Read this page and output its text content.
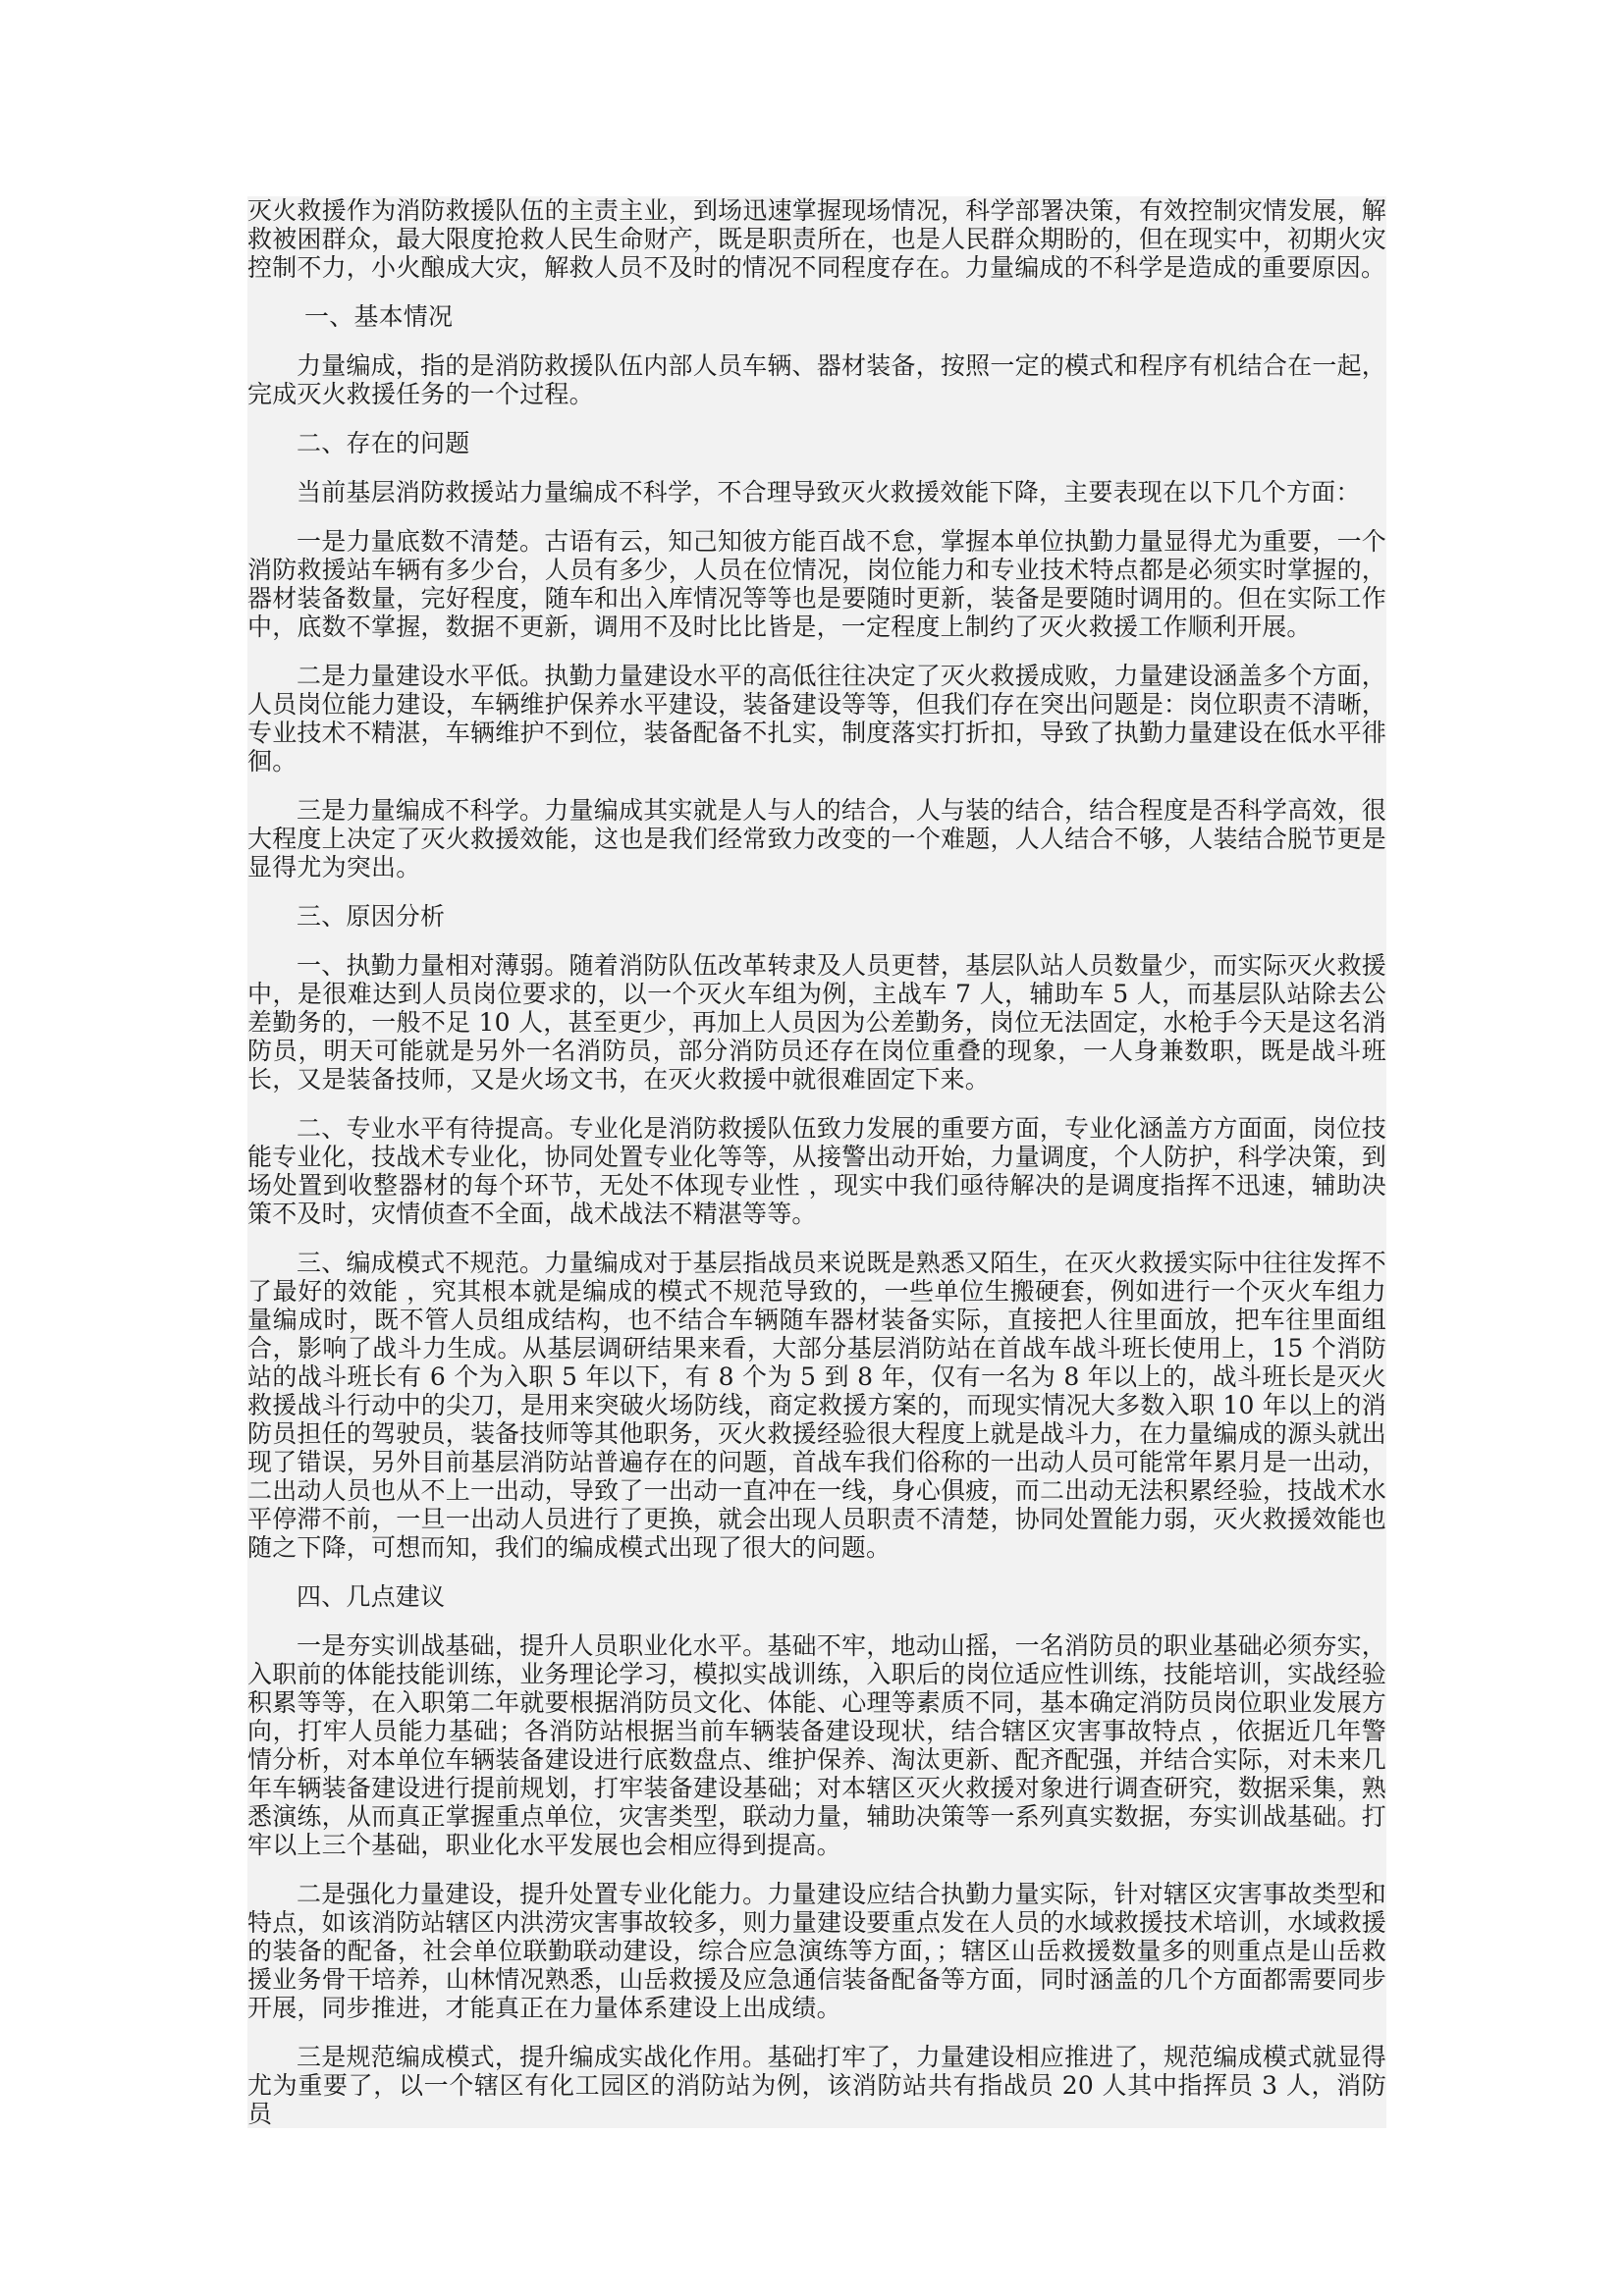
灭火救援作为消防救援队伍的主责主业，到场迅速掌握现场情况，科学部署决策，有效控制灾情发展，解救被困群众，最大限度抢救人民生命财产，既是职责所在，也是人民群众期盼的，但在现实中，初期火灾控制不力，小火酿成大灾，解救人员不及时的情况不同程度存在。力量编成的不科学是造成的重要原因。

一、基本情况

力量编成，指的是消防救援队伍内部人员车辆、器材装备，按照一定的模式和程序有机结合在一起，完成灭火救援任务的一个过程。

二、存在的问题

当前基层消防救援站力量编成不科学，不合理导致灭火救援效能下降，主要表现在以下几个方面：

一是力量底数不清楚。古语有云，知己知彼方能百战不怠，掌握本单位执勤力量显得尤为重要，一个消防救援站车辆有多少台，人员有多少，人员在位情况，岗位能力和专业技术特点都是必须实时掌握的，器材装备数量，完好程度，随车和出入库情况等等也是要随时更新，装备是要随时调用的。但在实际工作中，底数不掌握，数据不更新，调用不及时比比皆是，一定程度上制约了灭火救援工作顺利开展。

二是力量建设水平低。执勤力量建设水平的高低往往决定了灭火救援成败，力量建设涵盖多个方面，人员岗位能力建设，车辆维护保养水平建设，装备建设等等，但我们存在突出问题是：岗位职责不清晰，专业技术不精湛，车辆维护不到位，装备配备不扎实，制度落实打折扣，导致了执勤力量建设在低水平徘徊。

三是力量编成不科学。力量编成其实就是人与人的结合，人与装的结合，结合程度是否科学高效，很大程度上决定了灭火救援效能，这也是我们经常致力改变的一个难题，人人结合不够，人装结合脱节更是显得尤为突出。

三、原因分析

一、执勤力量相对薄弱。随着消防队伍改革转隶及人员更替，基层队站人员数量少，而实际灭火救援中，是很难达到人员岗位要求的，以一个灭火车组为例，主战车 7 人，辅助车 5 人，而基层队站除去公差勤务的，一般不足 10 人，甚至更少，再加上人员因为公差勤务，岗位无法固定，水枪手今天是这名消防员，明天可能就是另外一名消防员，部分消防员还存在岗位重叠的现象，一人身兼数职，既是战斗班长，又是装备技师，又是火场文书，在灭火救援中就很难固定下来。

二、专业水平有待提高。专业化是消防救援队伍致力发展的重要方面，专业化涵盖方方面面，岗位技能专业化，技战术专业化，协同处置专业化等等，从接警出动开始，力量调度，个人防护，科学决策，到场处置到收整器材的每个环节，无处不体现专业性 ，现实中我们亟待解决的是调度指挥不迅速，辅助决策不及时，灾情侦查不全面，战术战法不精湛等等。

三、编成模式不规范。力量编成对于基层指战员来说既是熟悉又陌生，在灭火救援实际中往往发挥不了最好的效能 ，究其根本就是编成的模式不规范导致的，一些单位生搬硬套，例如进行一个灭火车组力量编成时，既不管人员组成结构，也不结合车辆随车器材装备实际，直接把人往里面放，把车往里面组合，影响了战斗力生成。从基层调研结果来看，大部分基层消防站在首战车战斗班长使用上，15 个消防站的战斗班长有 6 个为入职 5 年以下，有 8 个为 5 到 8 年，仅有一名为 8 年以上的，战斗班长是灭火救援战斗行动中的尖刀，是用来突破火场防线，商定救援方案的，而现实情况大多数入职 10 年以上的消防员担任的驾驶员，装备技师等其他职务，灭火救援经验很大程度上就是战斗力，在力量编成的源头就出现了错误，另外目前基层消防站普遍存在的问题，首战车我们俗称的一出动人员可能常年累月是一出动，二出动人员也从不上一出动，导致了一出动一直冲在一线，身心俱疲，而二出动无法积累经验，技战术水平停滞不前，一旦一出动人员进行了更换，就会出现人员职责不清楚，协同处置能力弱，灭火救援效能也随之下降，可想而知，我们的编成模式出现了很大的问题。

四、几点建议

一是夯实训战基础，提升人员职业化水平。基础不牢，地动山摇，一名消防员的职业基础必须夯实，入职前的体能技能训练，业务理论学习，模拟实战训练，入职后的岗位适应性训练，技能培训，实战经验积累等等，在入职第二年就要根据消防员文化、体能、心理等素质不同，基本确定消防员岗位职业发展方向，打牢人员能力基础；各消防站根据当前车辆装备建设现状，结合辖区灾害事故特点 ，依据近几年警情分析，对本单位车辆装备建设进行底数盘点、维护保养、淘汰更新、配齐配强，并结合实际，对未来几年车辆装备建设进行提前规划，打牢装备建设基础；对本辖区灭火救援对象进行调查研究，数据采集，熟悉演练，从而真正掌握重点单位，灾害类型，联动力量，辅助决策等一系列真实数据，夯实训战基础。打牢以上三个基础，职业化水平发展也会相应得到提高。

二是强化力量建设，提升处置专业化能力。力量建设应结合执勤力量实际，针对辖区灾害事故类型和特点，如该消防站辖区内洪涝灾害事故较多，则力量建设要重点发在人员的水域救援技术培训，水域救援的装备的配备，社会单位联勤联动建设，综合应急演练等方面，；辖区山岳救援数量多的则重点是山岳救援业务骨干培养，山林情况熟悉，山岳救援及应急通信装备配备等方面，同时涵盖的几个方面都需要同步开展，同步推进，才能真正在力量体系建设上出成绩。

三是规范编成模式，提升编成实战化作用。基础打牢了，力量建设相应推进了，规范编成模式就显得尤为重要了，以一个辖区有化工园区的消防站为例，该消防站共有指战员 20 人其中指挥员 3 人，消防员
